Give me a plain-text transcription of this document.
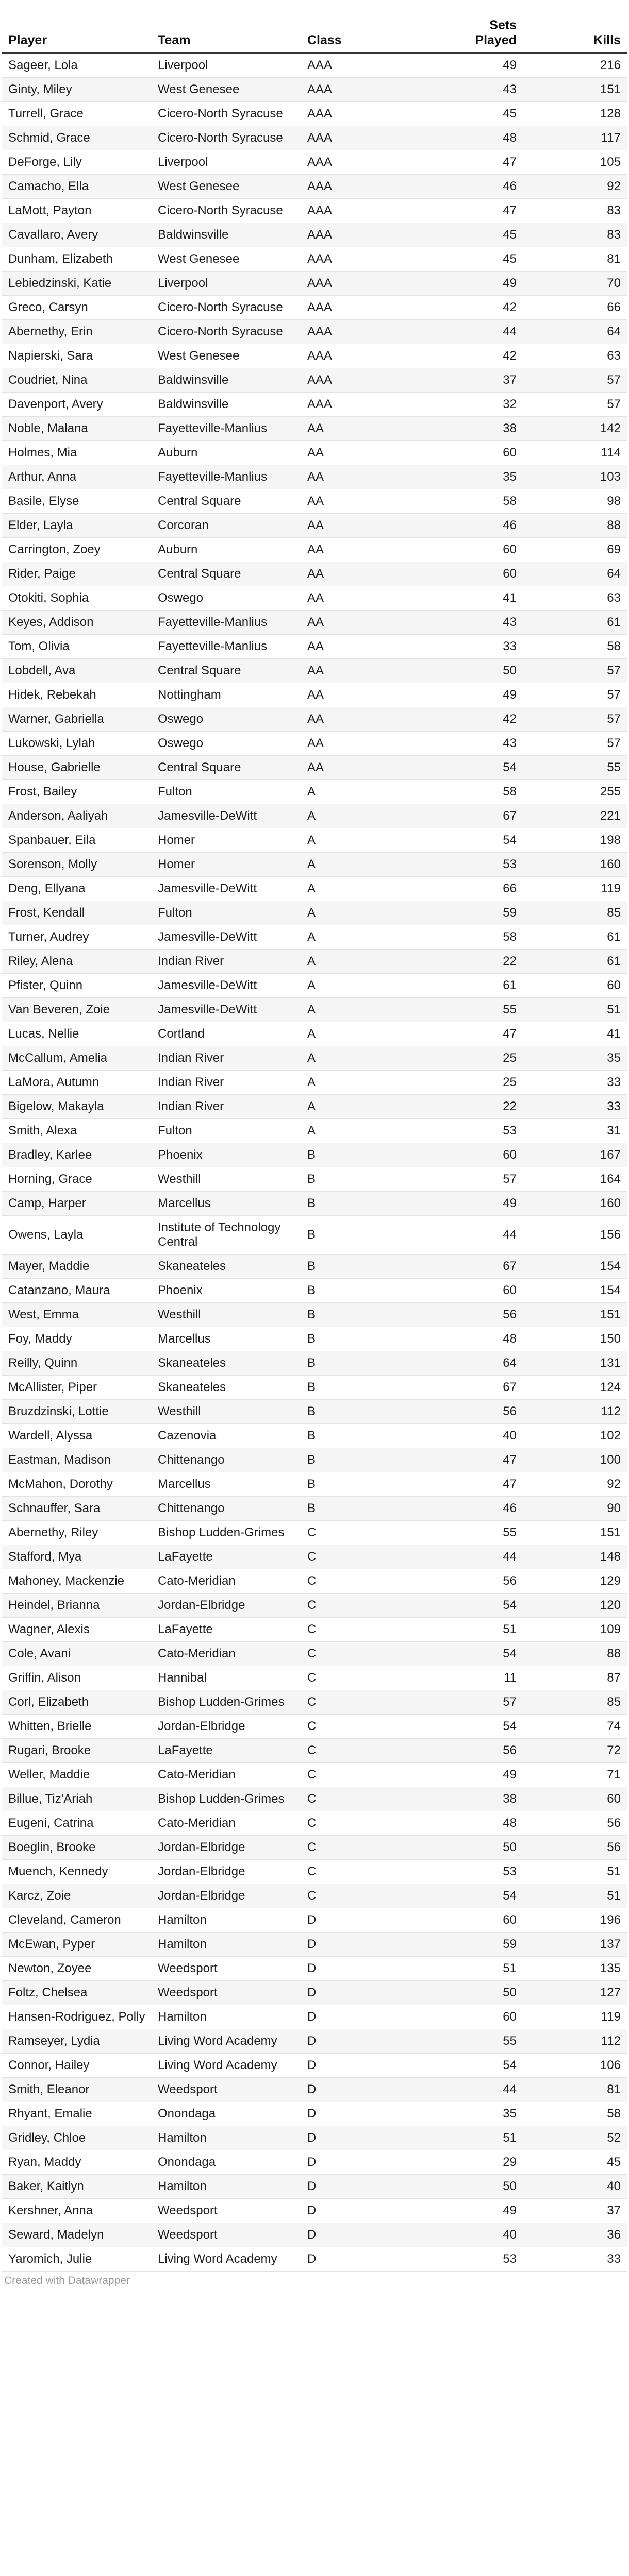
Player	Team	Class	Sets Played	Kills
Sageer, Lola	Liverpool	AAA	49	216
Ginty, Miley	West Genesee	AAA	43	151
Turrell, Grace	Cicero-North Syracuse	AAA	45	128
Schmid, Grace	Cicero-North Syracuse	AAA	48	117
DeForge, Lily	Liverpool	AAA	47	105
Camacho, Ella	West Genesee	AAA	46	92
LaMott, Payton	Cicero-North Syracuse	AAA	47	83
Cavallaro, Avery	Baldwinsville	AAA	45	83
Dunham, Elizabeth	West Genesee	AAA	45	81
Lebiedzinski, Katie	Liverpool	AAA	49	70
Greco, Carsyn	Cicero-North Syracuse	AAA	42	66
Abernethy, Erin	Cicero-North Syracuse	AAA	44	64
Napierski, Sara	West Genesee	AAA	42	63
Coudriet, Nina	Baldwinsville	AAA	37	57
Davenport, Avery	Baldwinsville	AAA	32	57
Noble, Malana	Fayetteville-Manlius	AA	38	142
Holmes, Mia	Auburn	AA	60	114
Arthur, Anna	Fayetteville-Manlius	AA	35	103
Basile, Elyse	Central Square	AA	58	98
Elder, Layla	Corcoran	AA	46	88
Carrington, Zoey	Auburn	AA	60	69
Rider, Paige	Central Square	AA	60	64
Otokiti, Sophia	Oswego	AA	41	63
Keyes, Addison	Fayetteville-Manlius	AA	43	61
Tom, Olivia	Fayetteville-Manlius	AA	33	58
Lobdell, Ava	Central Square	AA	50	57
Hidek, Rebekah	Nottingham	AA	49	57
Warner, Gabriella	Oswego	AA	42	57
Lukowski, Lylah	Oswego	AA	43	57
House, Gabrielle	Central Square	AA	54	55
Frost, Bailey	Fulton	A	58	255
Anderson, Aaliyah	Jamesville-DeWitt	A	67	221
Spanbauer, Eila	Homer	A	54	198
Sorenson, Molly	Homer	A	53	160
Deng, Ellyana	Jamesville-DeWitt	A	66	119
Frost, Kendall	Fulton	A	59	85
Turner, Audrey	Jamesville-DeWitt	A	58	61
Riley, Alena	Indian River	A	22	61
Pfister, Quinn	Jamesville-DeWitt	A	61	60
Van Beveren, Zoie	Jamesville-DeWitt	A	55	51
Lucas, Nellie	Cortland	A	47	41
McCallum, Amelia	Indian River	A	25	35
LaMora, Autumn	Indian River	A	25	33
Bigelow, Makayla	Indian River	A	22	33
Smith, Alexa	Fulton	A	53	31
Bradley, Karlee	Phoenix	B	60	167
Horning, Grace	Westhill	B	57	164
Camp, Harper	Marcellus	B	49	160
Owens, Layla	Institute of Technology Central	B	44	156
Mayer, Maddie	Skaneateles	B	67	154
Catanzano, Maura	Phoenix	B	60	154
West, Emma	Westhill	B	56	151
Foy, Maddy	Marcellus	B	48	150
Reilly, Quinn	Skaneateles	B	64	131
McAllister, Piper	Skaneateles	B	67	124
Bruzdzinski, Lottie	Westhill	B	56	112
Wardell, Alyssa	Cazenovia	B	40	102
Eastman, Madison	Chittenango	B	47	100
McMahon, Dorothy	Marcellus	B	47	92
Schnauffer, Sara	Chittenango	B	46	90
Abernethy, Riley	Bishop Ludden-Grimes	C	55	151
Stafford, Mya	LaFayette	C	44	148
Mahoney, Mackenzie	Cato-Meridian	C	56	129
Heindel, Brianna	Jordan-Elbridge	C	54	120
Wagner, Alexis	LaFayette	C	51	109
Cole, Avani	Cato-Meridian	C	54	88
Griffin, Alison	Hannibal	C	11	87
Corl, Elizabeth	Bishop Ludden-Grimes	C	57	85
Whitten, Brielle	Jordan-Elbridge	C	54	74
Rugari, Brooke	LaFayette	C	56	72
Weller, Maddie	Cato-Meridian	C	49	71
Billue, Tiz'Ariah	Bishop Ludden-Grimes	C	38	60
Eugeni, Catrina	Cato-Meridian	C	48	56
Boeglin, Brooke	Jordan-Elbridge	C	50	56
Muench, Kennedy	Jordan-Elbridge	C	53	51
Karcz, Zoie	Jordan-Elbridge	C	54	51
Cleveland, Cameron	Hamilton	D	60	196
McEwan, Pyper	Hamilton	D	59	137
Newton, Zoyee	Weedsport	D	51	135
Foltz, Chelsea	Weedsport	D	50	127
Hansen-Rodriguez, Polly	Hamilton	D	60	119
Ramseyer, Lydia	Living Word Academy	D	55	112
Connor, Hailey	Living Word Academy	D	54	106
Smith, Eleanor	Weedsport	D	44	81
Rhyant, Emalie	Onondaga	D	35	58
Gridley, Chloe	Hamilton	D	51	52
Ryan, Maddy	Onondaga	D	29	45
Baker, Kaitlyn	Hamilton	D	50	40
Kershner, Anna	Weedsport	D	49	37
Seward, Madelyn	Weedsport	D	40	36
Yaromich, Julie	Living Word Academy	D	53	33
Created with Datawrapper
